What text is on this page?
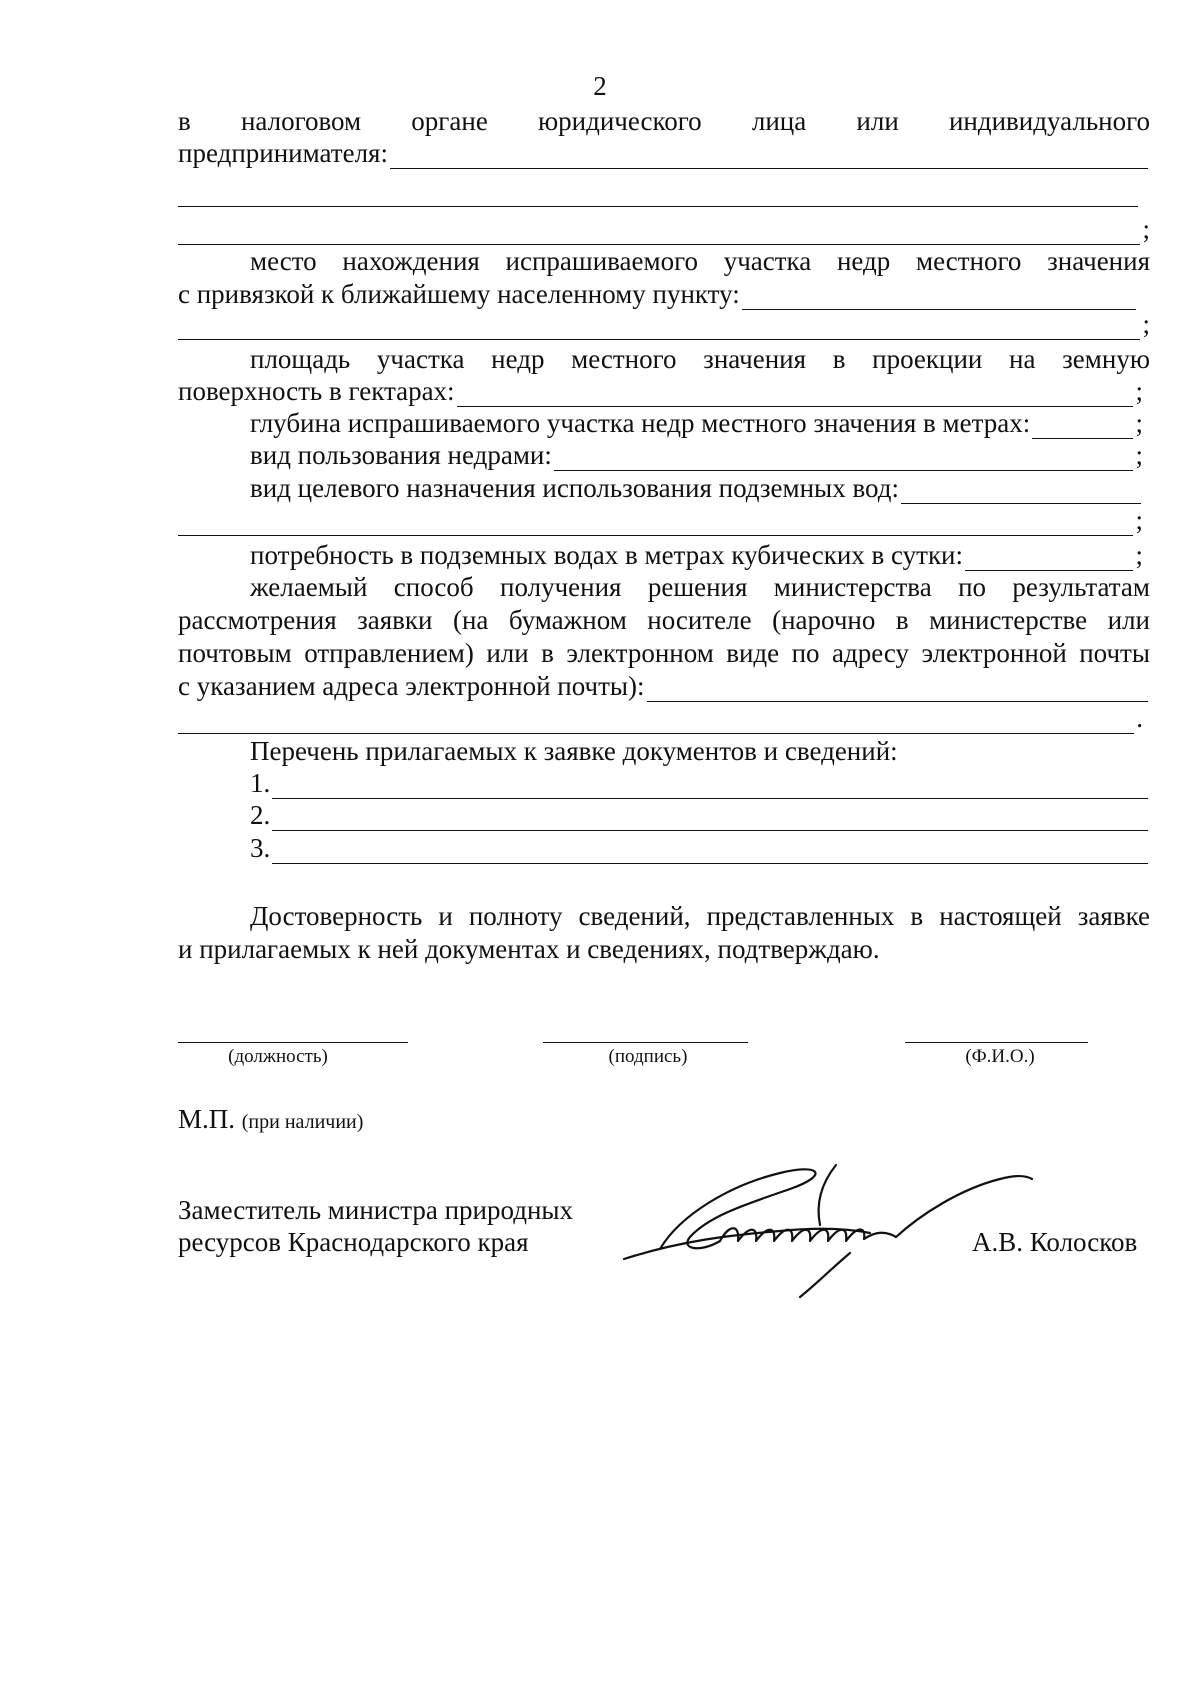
2
в налоговом органе юридического лица или индивидуального
предпринимателя:
;
место нахождения испрашиваемого участка недр местного значения
с привязкой к ближайшему населенному пункту:
;
площадь участка недр местного значения в проекции на земную
поверхность в гектарах:	;
глубина испрашиваемого участка недр местного значения в метрах:	;
вид пользования недрами:	;
вид целевого назначения использования подземных вод:
;
потребность в подземных водах в метрах кубических в сутки:	;
желаемый способ получения решения министерства по результатам
рассмотрения заявки (на бумажном носителе (нарочно в министерстве или
почтовым отправлением) или в электронном виде по адресу электронной почты
с указанием адреса электронной почты):
.
Перечень прилагаемых к заявке документов и сведений:
1.
2.
3.
Достоверность и полноту сведений, представленных в настоящей заявке
и прилагаемых к ней документах и сведениях, подтверждаю.
(должность)	(подпись)	(Ф.И.О.)
М.П. (при наличии)
Заместитель министра природных
ресурсов Краснодарского края	А.В. Колосков
